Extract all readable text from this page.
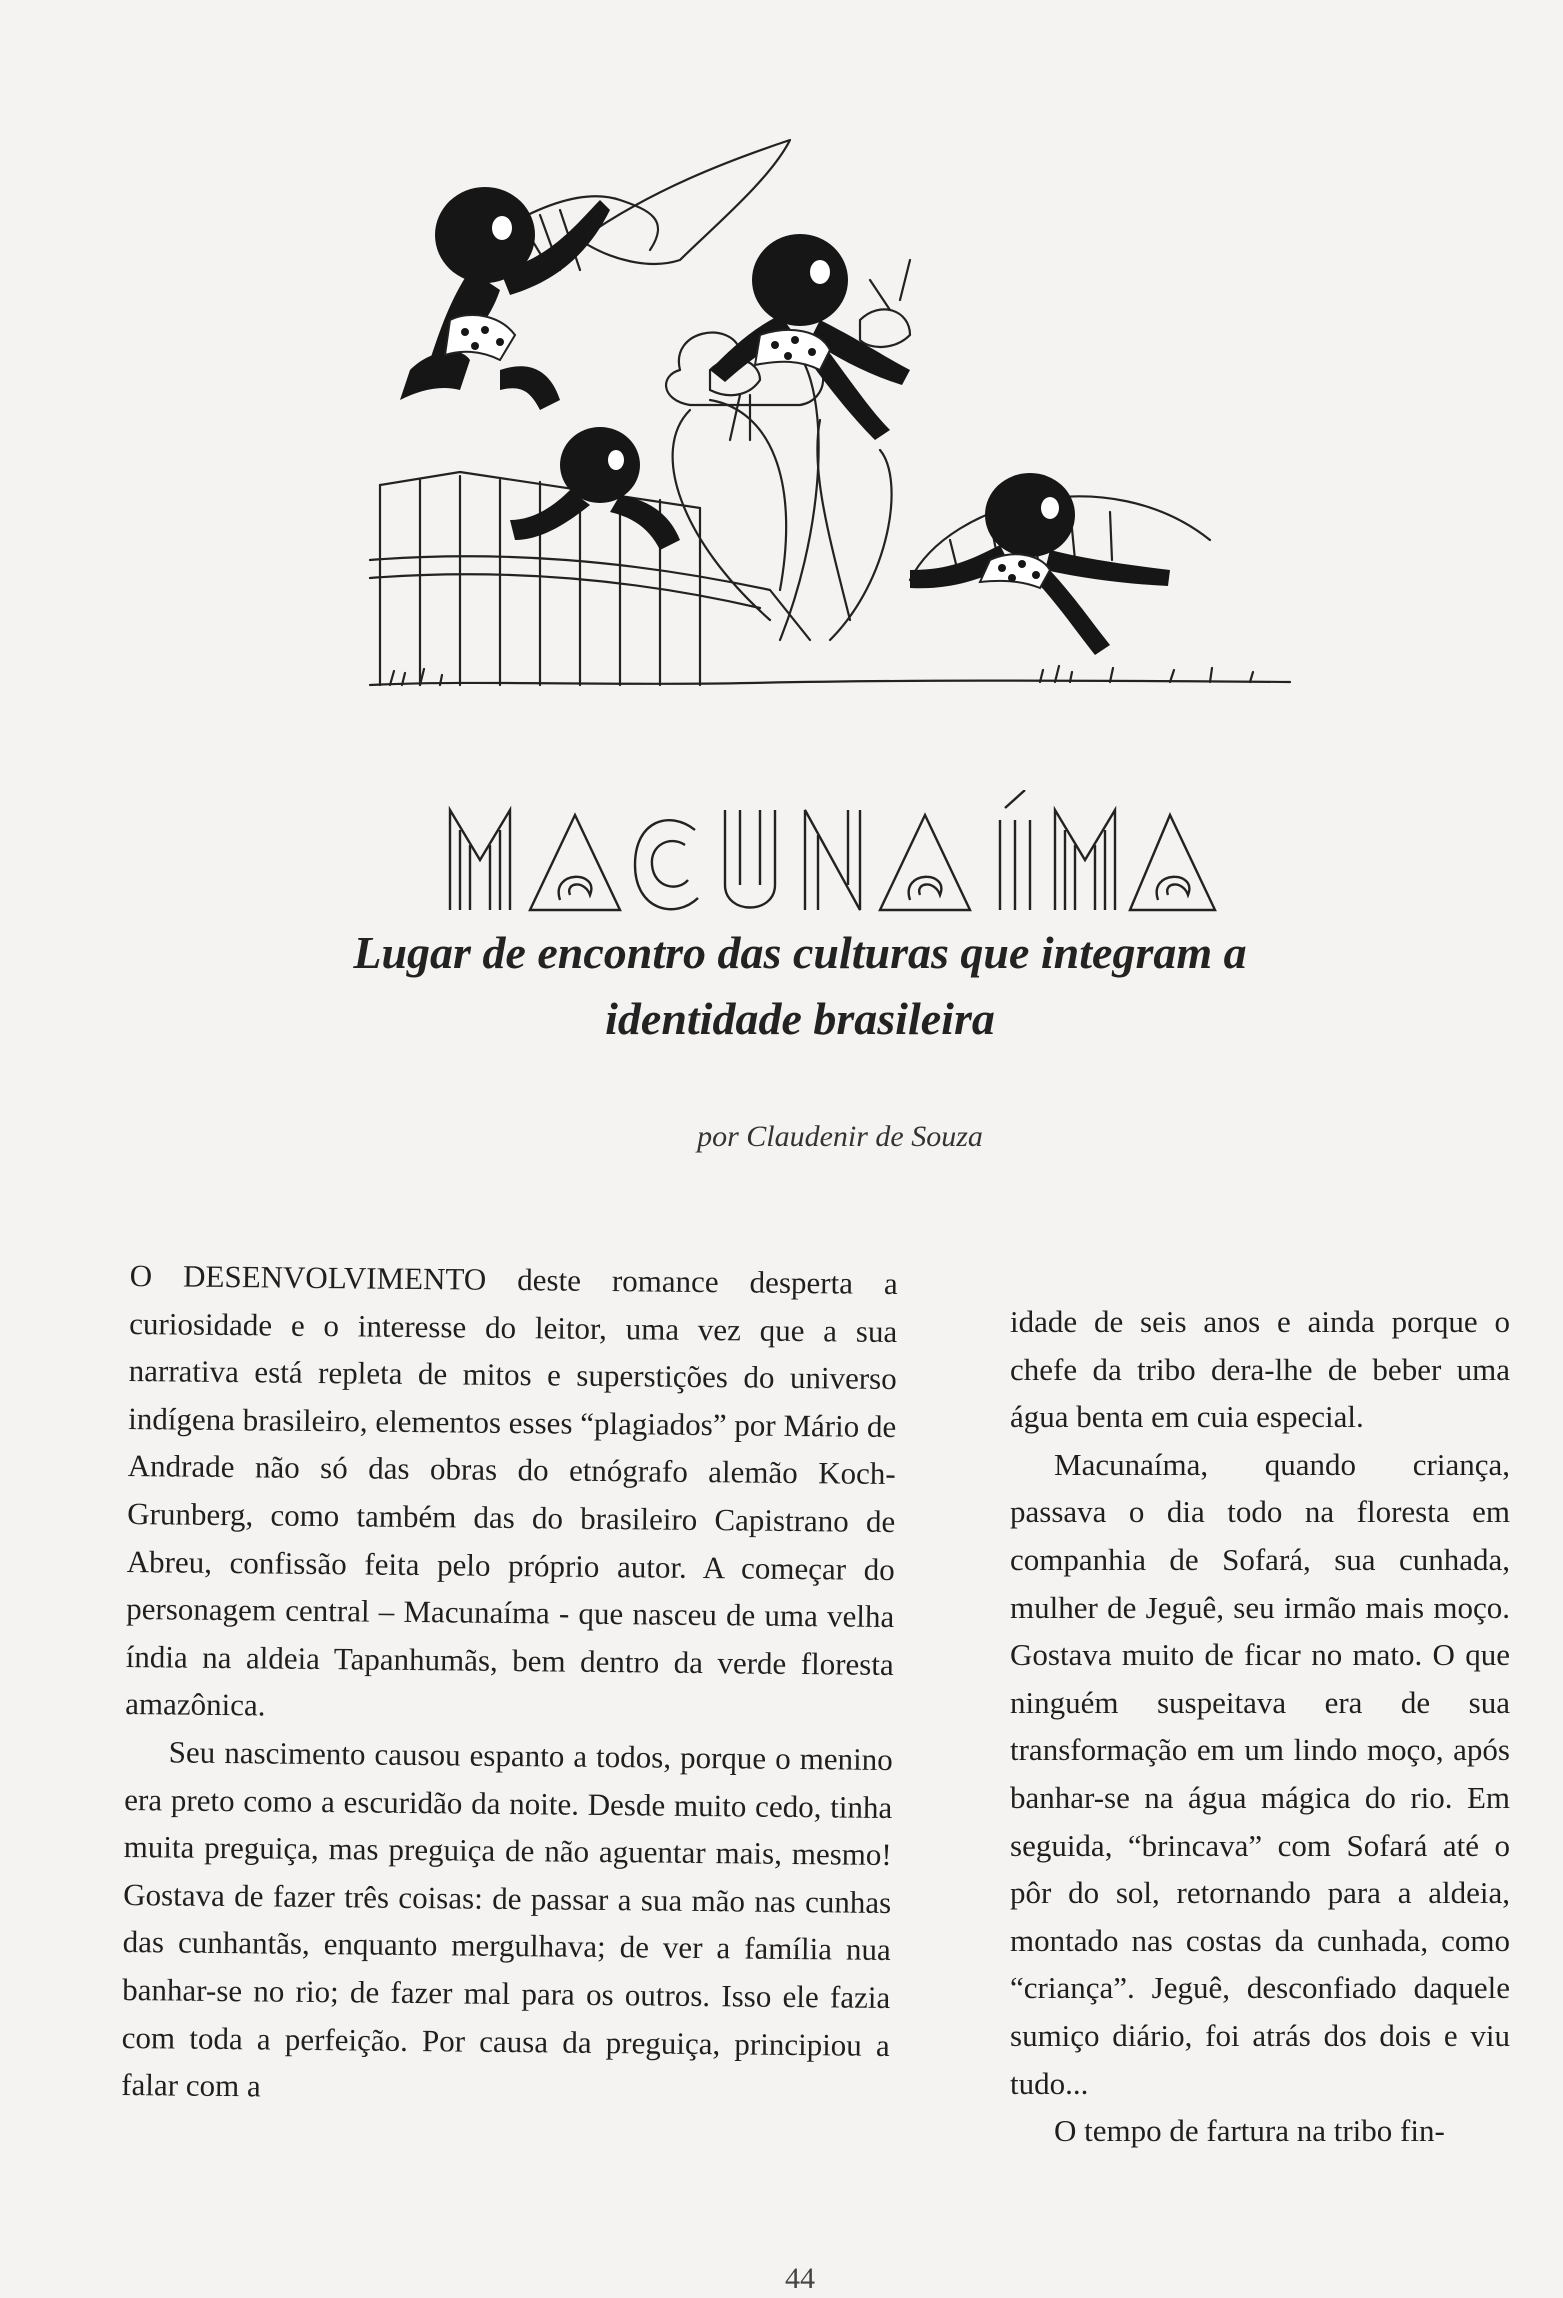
Lugar de encontro das culturas que integram a identidade brasileira
por Claudenir de Souza

O DESENVOLVIMENTO deste romance desperta a curiosidade e o interesse do leitor, uma vez que a sua narrativa está repleta de mitos e superstições do universo indígena brasileiro, elementos esses “plagiados” por Mário de Andrade não só das obras do etnógrafo alemão Koch-Grunberg, como também das do brasileiro Capistrano de Abreu, confissão feita pelo próprio autor. A começar do personagem central – Macunaíma - que nasceu de uma velha índia na aldeia Tapanhumãs, bem dentro da verde floresta amazônica.

Seu nascimento causou espanto a todos, porque o menino era preto como a escuridão da noite. Desde muito cedo, tinha muita preguiça, mas preguiça de não aguentar mais, mesmo! Gostava de fazer três coisas: de passar a sua mão nas cunhas das cunhantãs, enquanto mergulhava; de ver a família nua banhar-se no rio; de fazer mal para os outros. Isso ele fazia com toda a perfeição. Por causa da preguiça, principiou a falar com a

idade de seis anos e ainda porque o chefe da tribo dera-lhe de beber uma água benta em cuia especial.

Macunaíma, quando criança, passava o dia todo na floresta em companhia de Sofará, sua cunhada, mulher de Jeguê, seu irmão mais moço. Gostava muito de ficar no mato. O que ninguém suspeitava era de sua transformação em um lindo moço, após banhar-se na água mágica do rio. Em seguida, “brincava” com Sofará até o pôr do sol, retornando para a aldeia, montado nas costas da cunhada, como “criança”. Jeguê, desconfiado daquele sumiço diário, foi atrás dos dois e viu tudo...

O tempo de fartura na tribo fin-

44
